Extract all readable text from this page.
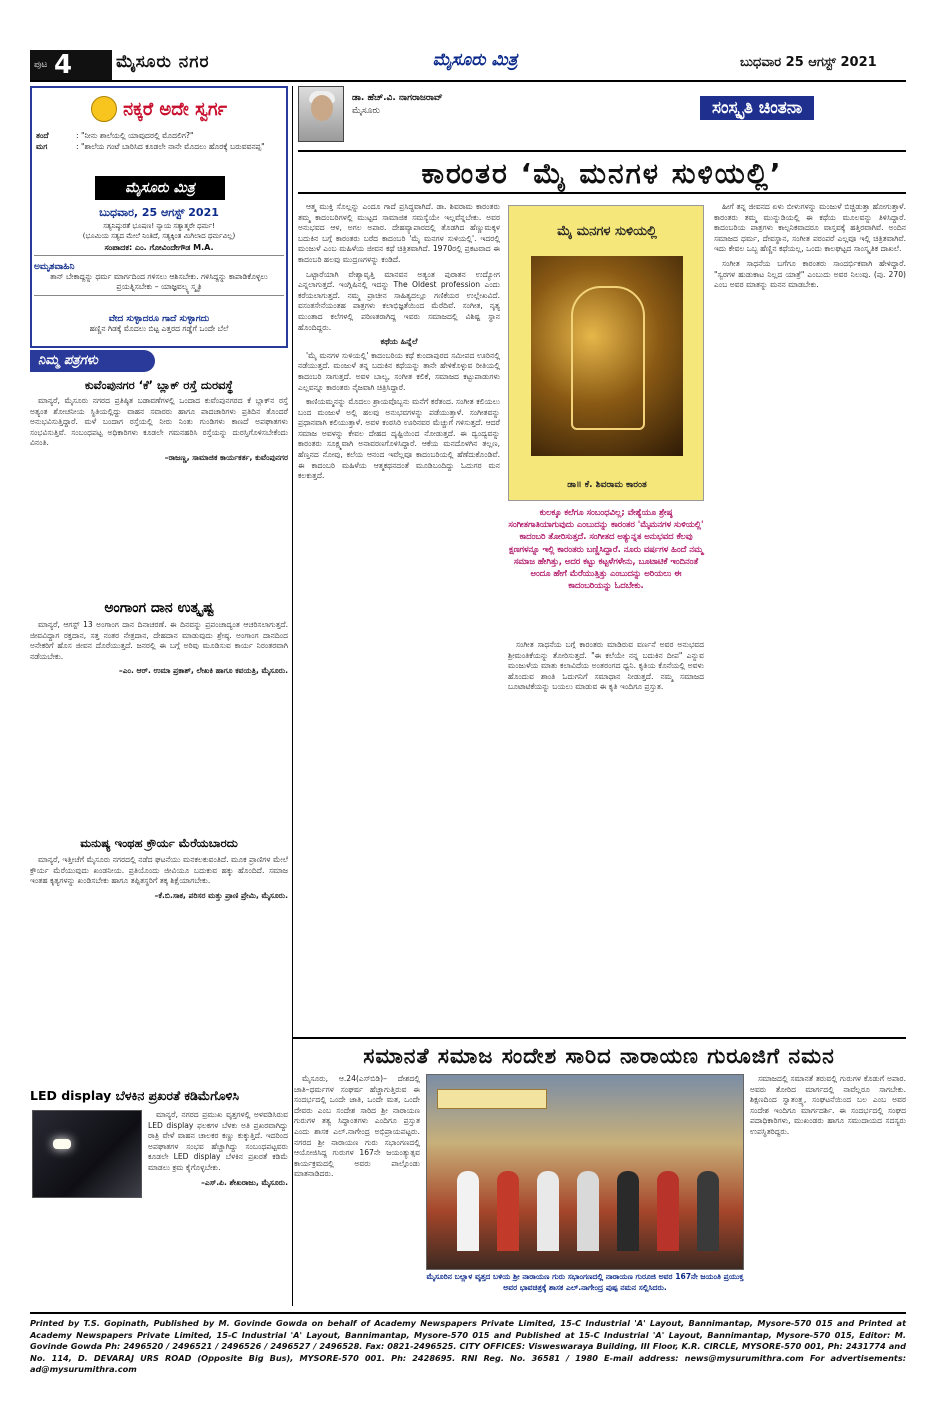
ಪುಟ 4	ಮೈಸೂರು ನಗರ	ಮೈಸೂರು ಮಿತ್ರ	ಬುಧವಾರ 25 ಆಗಸ್ಟ್ 2021
ನಕ್ಕರೆ ಅದೇ ಸ್ವರ್ಗ
ತಂದೆ	: "ನೀನು ಶಾಲೆಯಲ್ಲಿ ಯಾವುದರಲ್ಲಿ ಮೊದಲಿಗ?"
ಮಗ	: "ಶಾಲೆಯ ಗಂಟೆ ಬಾರಿಸಿದ ಕೂಡಲೇ ನಾನೇ ಮೊದಲು ಹೊರಕ್ಕೆ ಬರುವವನಪ್ಪ"
ಮೈಸೂರು ಮಿತ್ರ
ಬುಧವಾರ, 25 ಆಗಸ್ಟ್ 2021
ಸತ್ಯನಿಷ್ಠುರತೆ ಭೂಷಣ! ನ್ಯಾಯ ಸತ್ಯಾತ್ಮರೇ ಧರ್ಮ!
(ಭೂಮಿಯ ಸತ್ಯದ ಮೇಲೆ ನಿಂತಿದೆ, ಸತ್ಯಕ್ಕಿಂತ ಮಿಗಿಲಾದ ಧರ್ಮವಿಲ್ಲ)
ಸಂಪಾದಕ: ಎಂ. ಗೋವಿಂದೇಗೌಡ M.A.
ಅಮೃತವಾಹಿನಿ
ತಾನ್ ಬೇಕಾದ್ದನ್ನು ಧರ್ಮ ಮಾರ್ಗದಿಂದ ಗಳಿಸಲು ಆಶಿಸಬೇಕು. ಗಳಿಸಿದ್ದನ್ನು ಕಾಪಾಡಿಕೊಳ್ಳಲು ಪ್ರಯತ್ನಿಸಬೇಕು – ಯಾಜ್ಞವಲ್ಕ್ಯ ಸ್ಮೃತಿ
ವೇದ ಸುಳ್ಳಾದರೂ ಗಾದೆ ಸುಳ್ಳಾಗದು
ಹಣ್ಣಿನ ಗಿಡಕ್ಕೆ ಮೊದಲು ಬಿಟ್ಟ ಎತ್ತರದ ಗಡ್ಡೆಗೆ ಒಂದೇ ಬೆಲೆ
ನಿಮ್ಮ ಪತ್ರಗಳು
ಕುವೆಂಪುನಗರ ‘ಕೆ’ ಬ್ಲಾಕ್ ರಸ್ತೆ ದುರವಸ್ಥೆ

ಮಾನ್ಯರೆ, ಮೈಸೂರು ನಗರದ ಪ್ರತಿಷ್ಠಿತ ಬಡಾವಣೆಗಳಲ್ಲಿ ಒಂದಾದ ಕುವೆಂಪುನಗರದ ಕೆ ಬ್ಲಾಕ್‌ನ ರಸ್ತೆ ಅತ್ಯಂತ ಶೋಚನೀಯ ಸ್ಥಿತಿಯಲ್ಲಿದ್ದು ವಾಹನ ಸವಾರರು ಹಾಗೂ ಪಾದಚಾರಿಗಳು ಪ್ರತಿದಿನ ತೊಂದರೆ ಅನುಭವಿಸುತ್ತಿದ್ದಾರೆ. ಮಳೆ ಬಂದಾಗ ರಸ್ತೆಯಲ್ಲಿ ನೀರು ನಿಂತು ಗುಂಡಿಗಳು ಕಾಣದೆ ಅಪಘಾತಗಳು ಸಂಭವಿಸುತ್ತಿವೆ. ಸಂಬಂಧಪಟ್ಟ ಅಧಿಕಾರಿಗಳು ಕೂಡಲೇ ಗಮನಹರಿಸಿ ರಸ್ತೆಯನ್ನು ದುರಸ್ತಿಗೊಳಿಸಬೇಕೆಂದು ವಿನಂತಿ.

–ರಾಜಣ್ಣ, ಸಾಮಾಜಿಕ ಕಾರ್ಯಕರ್ತ, ಕುವೆಂಪುನಗರ

ಅಂಗಾಂಗ ದಾನ ಉತ್ಕೃಷ್ಟ

ಮಾನ್ಯರೆ, ಆಗಸ್ಟ್ 13 ಅಂಗಾಂಗ ದಾನ ದಿನಾಚರಣೆ. ಈ ದಿನವನ್ನು ಪ್ರಪಂಚಾದ್ಯಂತ ಆಚರಿಸಲಾಗುತ್ತದೆ. ಜೀವವಿದ್ದಾಗ ರಕ್ತದಾನ, ಸತ್ತ ನಂತರ ನೇತ್ರದಾನ, ದೇಹದಾನ ಮಾಡುವುದು ಶ್ರೇಷ್ಠ. ಅಂಗಾಂಗ ದಾನದಿಂದ ಅನೇಕರಿಗೆ ಹೊಸ ಜೀವನ ದೊರೆಯುತ್ತದೆ. ಜನರಲ್ಲಿ ಈ ಬಗ್ಗೆ ಅರಿವು ಮೂಡಿಸುವ ಕಾರ್ಯ ನಿರಂತರವಾಗಿ ನಡೆಯಬೇಕು.

–ಎಂ. ಆರ್. ಉಮಾ ಪ್ರಕಾಶ್, ಲೇಖಕಿ ಹಾಗೂ ಕವಯತ್ರಿ, ಮೈಸೂರು.

ಮನುಷ್ಯ ಇಂಥಹ ಕ್ರೌರ್ಯ ಮೆರೆಯಬಾರದು

ಮಾನ್ಯರೆ, ಇತ್ತೀಚೆಗೆ ಮೈಸೂರು ನಗರದಲ್ಲಿ ನಡೆದ ಘಟನೆಯು ಮನಕಲಕುವಂತಿದೆ. ಮೂಕ ಪ್ರಾಣಿಗಳ ಮೇಲೆ ಕ್ರೌರ್ಯ ಮೆರೆಯುವುದು ಖಂಡನೀಯ. ಪ್ರತಿಯೊಂದು ಜೀವಿಯೂ ಬದುಕುವ ಹಕ್ಕು ಹೊಂದಿದೆ. ಸಮಾಜ ಇಂತಹ ಕೃತ್ಯಗಳನ್ನು ಖಂಡಿಸಬೇಕು ಹಾಗೂ ತಪ್ಪಿತಸ್ಥರಿಗೆ ತಕ್ಕ ಶಿಕ್ಷೆಯಾಗಬೇಕು.

–ಕೆ.ಬಿ.ಸಾಕ, ಪರಿಸರ ಮತ್ತು ಪ್ರಾಣಿ ಪ್ರೇಮಿ, ಮೈಸೂರು.

LED display ಬೆಳಕಿನ ಪ್ರಖರತೆ ಕಡಿಮೆಗೊಳಿಸಿ

ಮಾನ್ಯರೆ, ನಗರದ ಪ್ರಮುಖ ವೃತ್ತಗಳಲ್ಲಿ ಅಳವಡಿಸಿರುವ LED display ಫಲಕಗಳ ಬೆಳಕು ಅತಿ ಪ್ರಖರವಾಗಿದ್ದು ರಾತ್ರಿ ವೇಳೆ ವಾಹನ ಚಾಲಕರ ಕಣ್ಣು ಕುಕ್ಕುತ್ತಿದೆ. ಇದರಿಂದ ಅಪಘಾತಗಳ ಸಂಭವ ಹೆಚ್ಚಾಗಿದ್ದು ಸಂಬಂಧಪಟ್ಟವರು ಕೂಡಲೇ LED display ಬೆಳಕಿನ ಪ್ರಖರತೆ ಕಡಿಮೆ ಮಾಡಲು ಕ್ರಮ ಕೈಗೊಳ್ಳಬೇಕು.

–ಎಸ್.ಪಿ. ಶೇಖರಾಜು, ಮೈಸೂರು.

ಡಾ. ಹೆಚ್.ವಿ. ನಾಗರಾಜರಾವ್
ಮೈಸೂರು	ಸಂಸ್ಕೃತಿ ಚಿಂತನಾ
ಕಾರಂತರ ‘ಮೈ ಮನಗಳ ಸುಳಿಯಲ್ಲಿ’

ಆತ್ಮ ಮುಕ್ತಿ ಸೊಲ್ಲನ್ನು ಎಂದೂ ಗಾದೆ ಪ್ರಸಿದ್ಧವಾಗಿದೆ. ಡಾ. ಶಿವರಾಮ ಕಾರಂತರು ತಮ್ಮ ಕಾದಂಬರಿಗಳಲ್ಲಿ ಮುಟ್ಟದ ಸಾಮಾಜಿಕ ಸಮಸ್ಯೆಯೇ ಇಲ್ಲವೆನ್ನಬೇಕು. ಅವರ ಅನುಭವದ ಆಳ, ಅಗಲ ಅಪಾರ. ದೇಹವ್ಯಾಪಾರದಲ್ಲಿ ತೊಡಗಿದ ಹೆಣ್ಣುಮಕ್ಕಳ ಬದುಕಿನ ಬಗ್ಗೆ ಕಾರಂತರು ಬರೆದ ಕಾದಂಬರಿ 'ಮೈ ಮನಗಳ ಸುಳಿಯಲ್ಲಿ'. ಇದರಲ್ಲಿ ಮಂಜುಳೆ ಎಂಬ ಮಹಿಳೆಯ ಜೀವನ ಕಥೆ ಚಿತ್ರಿತವಾಗಿದೆ. 1970ರಲ್ಲಿ ಪ್ರಕಟವಾದ ಈ ಕಾದಂಬರಿ ಹಲವು ಮುದ್ರಣಗಳನ್ನು ಕಂಡಿದೆ.

ಒಟ್ಟಾರೆಯಾಗಿ ವೇಶ್ಯಾವೃತ್ತಿ ಮಾನವನ ಅತ್ಯಂತ ಪುರಾತನ ಉದ್ಯೋಗ ಎನ್ನಲಾಗುತ್ತದೆ. ಇಂಗ್ಲಿಷಿನಲ್ಲಿ ಇದನ್ನು The Oldest profession ಎಂದು ಕರೆಯಲಾಗುತ್ತದೆ. ನಮ್ಮ ಪ್ರಾಚೀನ ಸಾಹಿತ್ಯದಲ್ಲೂ ಗಣಿಕೆಯರ ಉಲ್ಲೇಖವಿದೆ. ವಸಂತಸೇನೆಯಂತಹ ಪಾತ್ರಗಳು ಕಲಾಭಿಜ್ಞತೆಯಿಂದ ಮೆರೆದಿವೆ. ಸಂಗೀತ, ನೃತ್ಯ ಮುಂತಾದ ಕಲೆಗಳಲ್ಲಿ ಪರಿಣತರಾಗಿದ್ದ ಇವರು ಸಮಾಜದಲ್ಲಿ ವಿಶಿಷ್ಟ ಸ್ಥಾನ ಹೊಂದಿದ್ದರು.

ಕಥೆಯ ಹಿನ್ನೆಲೆ

'ಮೈ ಮನಗಳ ಸುಳಿಯಲ್ಲಿ' ಕಾದಂಬರಿಯ ಕಥೆ ಕುಂದಾಪುರದ ಸಮೀಪದ ಊರಿನಲ್ಲಿ ನಡೆಯುತ್ತದೆ. ಮಂಜುಳೆ ತನ್ನ ಬದುಕಿನ ಕಥೆಯನ್ನು ತಾನೇ ಹೇಳಿಕೊಳ್ಳುವ ರೀತಿಯಲ್ಲಿ ಕಾದಂಬರಿ ಸಾಗುತ್ತದೆ. ಅವಳ ಬಾಲ್ಯ, ಸಂಗೀತ ಕಲಿಕೆ, ಸಮಾಜದ ಕಟ್ಟುಪಾಡುಗಳು ಎಲ್ಲವನ್ನೂ ಕಾರಂತರು ನೈಜವಾಗಿ ಚಿತ್ರಿಸಿದ್ದಾರೆ.

ಕಾಣಿಯಮ್ಮನನ್ನು ಮೊದಲು ಶ್ರಾಯವೊಬ್ಬನು ಮನೆಗೆ ಕರೆತಂದ. ಸಂಗೀತ ಕಲಿಯಲು ಬಂದ ಮಂಜುಳೆ ಅಲ್ಲಿ ಹಲವು ಅನುಭವಗಳನ್ನು ಪಡೆಯುತ್ತಾಳೆ. ಸಂಗೀತವನ್ನು ಪ್ರಧಾನವಾಗಿ ಕಲಿಯುತ್ತಾಳೆ. ಅವಳ ಕಂಠಸಿರಿ ಊರಿನವರ ಮೆಚ್ಚುಗೆ ಗಳಿಸುತ್ತದೆ. ಆದರೆ ಸಮಾಜ ಅವಳನ್ನು ಕೇವಲ ದೇಹದ ದೃಷ್ಟಿಯಿಂದ ನೋಡುತ್ತದೆ. ಈ ದ್ವಂದ್ವವನ್ನು ಕಾರಂತರು ಸೂಕ್ಷ್ಮವಾಗಿ ಅನಾವರಣಗೊಳಿಸಿದ್ದಾರೆ. ಆಕೆಯ ಮನದೊಳಗಿನ ತಲ್ಲಣ, ಹೆಣ್ತನದ ನೋವು, ಕಲೆಯ ಆನಂದ ಇವೆಲ್ಲವೂ ಕಾದಂಬರಿಯಲ್ಲಿ ಹೆಣೆದುಕೊಂಡಿವೆ. ಈ ಕಾದಂಬರಿ ಮಹಿಳೆಯ ಆತ್ಮಕಥನದಂತೆ ಮೂಡಿಬಂದಿದ್ದು ಓದುಗರ ಮನ ಕಲಕುತ್ತದೆ.

ಮೈ ಮನಗಳ ಸುಳಿಯಲ್ಲಿ
ಡಾ॥ ಕೆ. ಶಿವರಾಮ ಕಾರಂತ
ಕುಲಕ್ಕೂ ಕಲೆಗೂ ಸಂಬಂಧವಿಲ್ಲ; ವೇಶ್ಯೆಯೂ ಶ್ರೇಷ್ಠ ಸಂಗೀತಗಾತಿಯಾಗುವುದು ಎಂಬುದನ್ನು ಕಾರಂತರ 'ಮೈಮನಗಳ ಸುಳಿಯಲ್ಲಿ' ಕಾದಂಬರಿ ತೋರಿಸುತ್ತದೆ. ಸಂಗೀತದ ಅತ್ಯುನ್ನತ ಅನುಭವದ ಕೆಲವು ಕ್ಷಣಗಳನ್ನೂ ಇಲ್ಲಿ ಕಾರಂತರು ಬಣ್ಣಿಸಿದ್ದಾರೆ. ನೂರು ವರ್ಷಗಳ ಹಿಂದೆ ನಮ್ಮ ಸಮಾಜ ಹೇಗಿತ್ತು, ಅದರ ಕಟ್ಟು ಕಟ್ಟಳೆಗಳೇನು, ಬೂಟಾಟಿಕೆ ಇಂದಿನಂತೆ ಅಂದೂ ಹೇಗೆ ಮೆರೆಯುತ್ತಿತ್ತು ಎಂಬುದನ್ನು ಅರಿಯಲು ಈ ಕಾದಂಬರಿಯನ್ನು ಓದಬೇಕು.

ಸಂಗೀತ ಸಾಧನೆಯ ಬಗ್ಗೆ ಕಾರಂತರು ಮಾಡಿರುವ ವರ್ಣನೆ ಅವರ ಅನುಭವದ ಶ್ರೀಮಂತಿಕೆಯನ್ನು ತೋರಿಸುತ್ತದೆ. "ಈ ಕಲೆಯೇ ನನ್ನ ಬದುಕಿನ ದೀಪ" ಎನ್ನುವ ಮಂಜುಳೆಯ ಮಾತು ಕಲಾವಿದೆಯ ಅಂತರಂಗದ ಧ್ವನಿ. ಕೃತಿಯ ಕೊನೆಯಲ್ಲಿ ಅವಳು ಹೊಂದುವ ಶಾಂತಿ ಓದುಗನಿಗೆ ಸಮಾಧಾನ ನೀಡುತ್ತದೆ. ನಮ್ಮ ಸಮಾಜದ ಬೂಟಾಟಿಕೆಯನ್ನು ಬಯಲು ಮಾಡುವ ಈ ಕೃತಿ ಇಂದಿಗೂ ಪ್ರಸ್ತುತ.

ಹೀಗೆ ತನ್ನ ಜೀವನದ ಏಳು ಬೀಳುಗಳನ್ನು ಮಂಜುಳೆ ಬಿಚ್ಚಿಡುತ್ತಾ ಹೋಗುತ್ತಾಳೆ. ಕಾರಂತರು ತಮ್ಮ ಮುನ್ನುಡಿಯಲ್ಲಿ ಈ ಕಥೆಯ ಮೂಲವನ್ನು ತಿಳಿಸಿದ್ದಾರೆ. ಕಾದಂಬರಿಯ ಪಾತ್ರಗಳು ಕಾಲ್ಪನಿಕವಾದರೂ ವಾಸ್ತವಕ್ಕೆ ಹತ್ತಿರವಾಗಿವೆ. ಅಂದಿನ ಸಮಾಜದ ಧರ್ಮ, ದೇವಸ್ಥಾನ, ಸಂಗೀತ ಪರಂಪರೆ ಎಲ್ಲವೂ ಇಲ್ಲಿ ಚಿತ್ರಿತವಾಗಿವೆ. ಇದು ಕೇವಲ ಒಬ್ಬ ಹೆಣ್ಣಿನ ಕಥೆಯಲ್ಲ, ಒಂದು ಕಾಲಘಟ್ಟದ ಸಾಂಸ್ಕೃತಿಕ ದಾಖಲೆ.

ಸಂಗೀತ ಸಾಧನೆಯ ಬಗೆಗೂ ಕಾರಂತರು ಸಾಂದರ್ಭಿಕವಾಗಿ ಹೇಳಿದ್ದಾರೆ. "ಸ್ವರಗಳ ಹುಡುಕಾಟ ನಿಲ್ಲದ ಯಾತ್ರೆ" ಎಂಬುದು ಅವರ ನಿಲುವು. (ಪು. 270) ಎಂಬ ಅವರ ಮಾತನ್ನು ಮನನ ಮಾಡಬೇಕು.

ಸಮಾನತೆ ಸಮಾಜ ಸಂದೇಶ ಸಾರಿದ ನಾರಾಯಣ ಗುರೂಜಿಗೆ ನಮನ

ಮೈಸೂರು, ಆ.24(ಎಸ್‌ಬಿಡಿ)– ದೇಶದಲ್ಲಿ ಜಾತಿ–ಧರ್ಮಗಳ ಸಂಘರ್ಷ ಹೆಚ್ಚಾಗುತ್ತಿರುವ ಈ ಸಂದರ್ಭದಲ್ಲಿ ಒಂದೇ ಜಾತಿ, ಒಂದೇ ಮತ, ಒಂದೇ ದೇವರು ಎಂಬ ಸಂದೇಶ ಸಾರಿದ ಶ್ರೀ ನಾರಾಯಣ ಗುರುಗಳ ತತ್ವ ಸಿದ್ಧಾಂತಗಳು ಎಂದಿಗೂ ಪ್ರಸ್ತುತ ಎಂದು ಶಾಸಕ ಎಲ್.ನಾಗೇಂದ್ರ ಅಭಿಪ್ರಾಯಪಟ್ಟರು. ನಗರದ ಶ್ರೀ ನಾರಾಯಣ ಗುರು ಸಭಾಂಗಣದಲ್ಲಿ ಆಯೋಜಿಸಿದ್ದ ಗುರುಗಳ 167ನೇ ಜಯಂತ್ಯುತ್ಸವ ಕಾರ್ಯಕ್ರಮದಲ್ಲಿ ಅವರು ಪಾಲ್ಗೊಂಡು ಮಾತನಾಡಿದರು.

ಮೈಸೂರಿನ ಬಲ್ಲಾಳ ವೃತ್ತದ ಬಳಿಯ ಶ್ರೀ ನಾರಾಯಣ ಗುರು ಸಭಾಂಗಣದಲ್ಲಿ ನಾರಾಯಣ ಗುರೂಜಿ ಅವರ 167ನೇ ಜಯಂತಿ ಪ್ರಯುಕ್ತ ಅವರ ಭಾವಚಿತ್ರಕ್ಕೆ ಶಾಸಕ ಎಲ್.ನಾಗೇಂದ್ರ ಪುಷ್ಪ ನಮನ ಸಲ್ಲಿಸಿದರು.

ಸಮಾಜದಲ್ಲಿ ಸಮಾನತೆ ತರುವಲ್ಲಿ ಗುರುಗಳ ಕೊಡುಗೆ ಅಪಾರ. ಅವರು ತೋರಿದ ಮಾರ್ಗದಲ್ಲಿ ನಾವೆಲ್ಲರೂ ಸಾಗಬೇಕು. ಶಿಕ್ಷಣದಿಂದ ಸ್ವಾತಂತ್ರ್ಯ, ಸಂಘಟನೆಯಿಂದ ಬಲ ಎಂಬ ಅವರ ಸಂದೇಶ ಇಂದಿಗೂ ಮಾರ್ಗದರ್ಶಿ. ಈ ಸಂದರ್ಭದಲ್ಲಿ ಸಂಘದ ಪದಾಧಿಕಾರಿಗಳು, ಮುಖಂಡರು ಹಾಗೂ ಸಮುದಾಯದ ಸದಸ್ಯರು ಉಪಸ್ಥಿತರಿದ್ದರು.

Printed by T.S. Gopinath, Published by M. Govinde Gowda on behalf of Academy Newspapers Private Limited, 15-C Industrial 'A' Layout, Bannimantap, Mysore-570 015 and Printed at Academy Newspapers Private Limited, 15-C Industrial 'A' Layout, Bannimantap, Mysore-570 015 and Published at 15-C Industrial 'A' Layout, Bannimantap, Mysore-570 015, Editor: M. Govinde Gowda Ph: 2496520 / 2496521 / 2496526 / 2496527 / 2496528. Fax: 0821-2496525. CITY OFFICES: Visweswaraya Building, III Floor, K.R. CIRCLE, MYSORE-570 001, Ph: 2431774 and No. 114, D. DEVARAJ URS ROAD (Opposite Big Bus), MYSORE-570 001. Ph: 2428695. RNI Reg. No. 36581 / 1980 E-mail address: news@mysurumithra.com For advertisements: ad@mysurumithra.com
